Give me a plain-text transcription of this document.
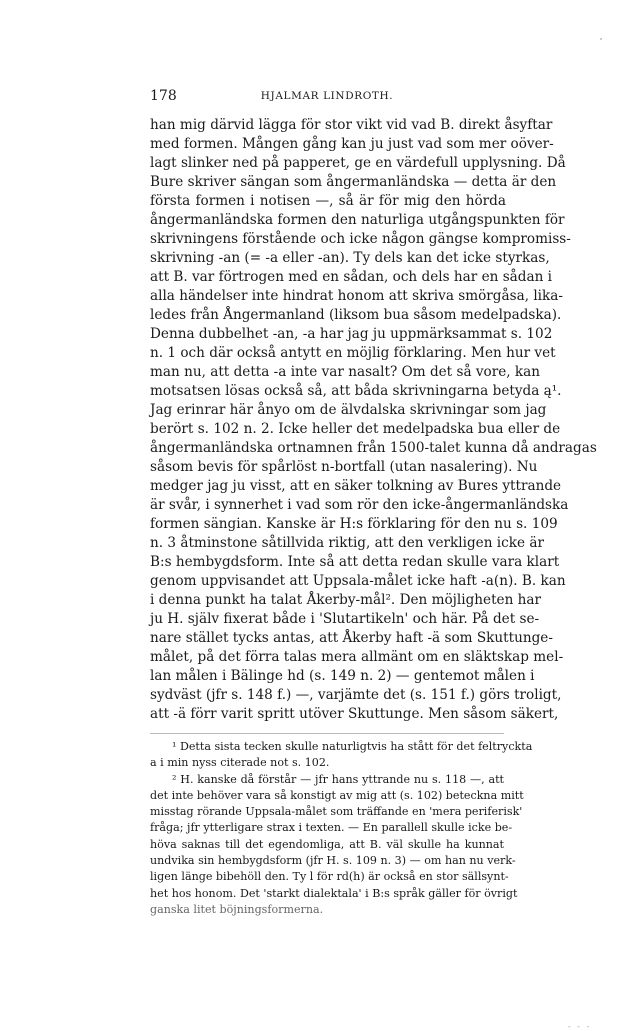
178	HJALMAR LINDROTH.
han mig därvid lägga för stor vikt vid vad B. direkt åsyftar
med formen. Mången gång kan ju just vad som mer oöver-
lagt slinker ned på papperet, ge en värdefull upplysning. Då
Bure skriver sängan som ångermanländska — detta är den
första formen i notisen —, så är för mig den hörda
ångermanländska formen den naturliga utgångspunkten för
skrivningens förstående och icke någon gängse kompromiss-
skrivning -an (= -a eller -an). Ty dels kan det icke styrkas,
att B. var förtrogen med en sådan, och dels har en sådan i
alla händelser inte hindrat honom att skriva smörgåsa, lika-
ledes från Ångermanland (liksom bua såsom medelpadska).
Denna dubbelhet -an, -a har jag ju uppmärksammat s. 102
n. 1 och där också antytt en möjlig förklaring. Men hur vet
man nu, att detta -a inte var nasalt? Om det så vore, kan
motsatsen lösas också så, att båda skrivningarna betyda ą¹.
Jag erinrar här ånyo om de älvdalska skrivningar som jag
berört s. 102 n. 2. Icke heller det medelpadska bua eller de
ångermanländska ortnamnen från 1500-talet kunna då andragas
såsom bevis för spårlöst n-bortfall (utan nasalering). Nu
medger jag ju visst, att en säker tolkning av Bures yttrande
är svår, i synnerhet i vad som rör den icke-ångermanländska
formen sängian. Kanske är H:s förklaring för den nu s. 109
n. 3 åtminstone såtillvida riktig, att den verkligen icke är
B:s hembygdsform. Inte så att detta redan skulle vara klart
genom uppvisandet att Uppsala-målet icke haft -a(n). B. kan
i denna punkt ha talat Åkerby-mål². Den möjligheten har
ju H. själv fixerat både i 'Slutartikeln' och här. På det se-
nare stället tycks antas, att Åkerby haft -ä som Skuttunge-
målet, på det förra talas mera allmänt om en släktskap mel-
lan målen i Bälinge hd (s. 149 n. 2) — gentemot målen i
sydväst (jfr s. 148 f.) —, varjämte det (s. 151 f.) görs troligt,
att -ä förr varit spritt utöver Skuttunge. Men såsom säkert,
¹ Detta sista tecken skulle naturligtvis ha stått för det feltryckta
a i min nyss citerade not s. 102.
² H. kanske då förstår — jfr hans yttrande nu s. 118 —, att
det inte behöver vara så konstigt av mig att (s. 102) beteckna mitt
misstag rörande Uppsala-målet som träffande en 'mera periferisk'
fråga; jfr ytterligare strax i texten. — En parallell skulle icke be-
höva saknas till det egendomliga, att B. väl skulle ha kunnat
undvika sin hembygdsform (jfr H. s. 109 n. 3) — om han nu verk-
ligen länge bibehöll den. Ty l för rd(h) är också en stor sällsynt-
het hos honom. Det 'starkt dialektala' i B:s språk gäller för övrigt
ganska litet böjningsformerna.
- - -
